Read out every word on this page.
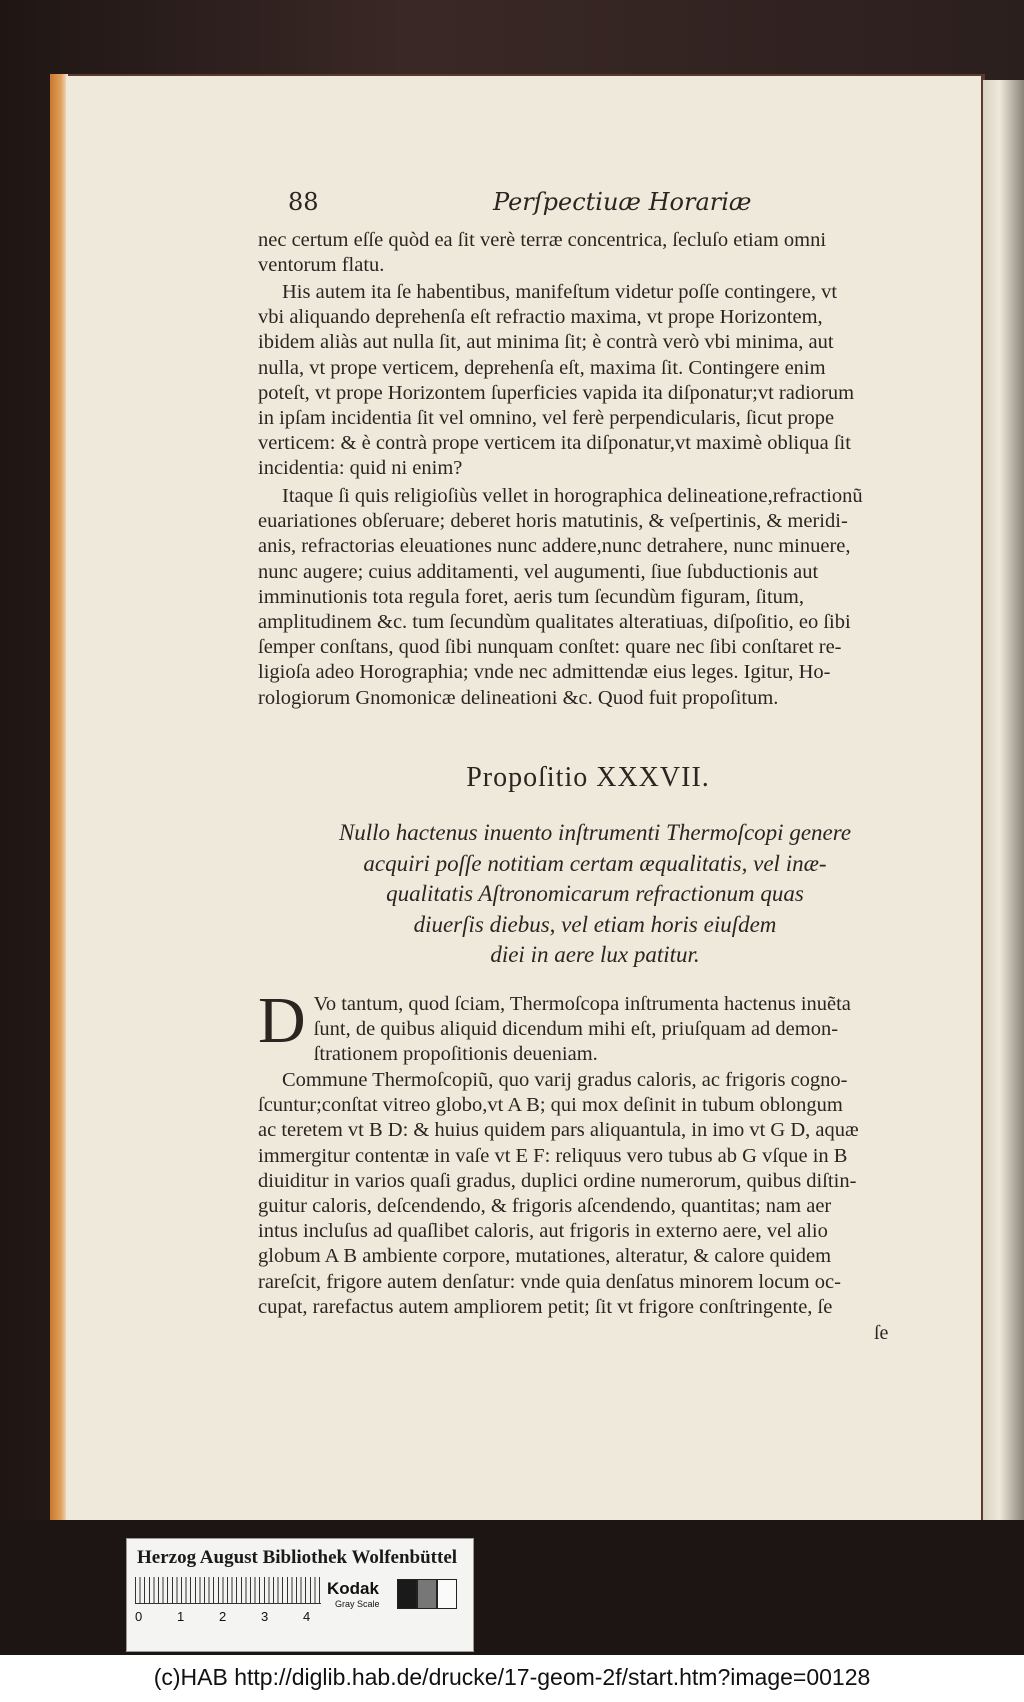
88	Perſpectiuæ Horariæ
nec certum eſſe quòd ea ſit verè terræ concentrica, ſecluſo etiam omni
ventorum flatu.
His autem ita ſe habentibus, manifeſtum videtur poſſe contingere, vt
vbi aliquando deprehenſa eſt refractio maxima, vt prope Horizontem,
ibidem aliàs aut nulla ſit, aut minima ſit; è contrà verò vbi minima, aut
nulla, vt prope verticem, deprehenſa eſt, maxima ſit. Contingere enim
poteſt, vt prope Horizontem ſuperficies vapida ita diſponatur;vt radiorum
in ipſam incidentia ſit vel omnino, vel ferè perpendicularis, ſicut prope
verticem: & è contrà prope verticem ita diſponatur,vt maximè obliqua ſit
incidentia: quid ni enim?
Itaque ſi quis religioſiùs vellet in horographica delineatione,refractionũ
euariationes obſeruare; deberet horis matutinis, & veſpertinis, & meridi-
anis, refractorias eleuationes nunc addere,nunc detrahere, nunc minuere,
nunc augere; cuius additamenti, vel augumenti, ſiue ſubductionis aut
imminutionis tota regula foret, aeris tum ſecundùm figuram, ſitum,
amplitudinem &c. tum ſecundùm qualitates alteratiuas, diſpoſitio, eo ſibi
ſemper conſtans, quod ſibi nunquam conſtet: quare nec ſibi conſtaret re-
ligioſa adeo Horographia; vnde nec admittendæ eius leges. Igitur, Ho-
rologiorum Gnomonicæ delineationi &c. Quod fuit propoſitum.
Propoſitio XXXVII.
Nullo hactenus inuento inſtrumenti Thermoſcopi genere
acquiri poſſe notitiam certam æqualitatis, vel inæ-
qualitatis Aſtronomicarum refractionum quas
diuerſis diebus, vel etiam horis eiuſdem
diei in aere lux patitur.
D Vo tantum, quod ſciam, Thermoſcopa inſtrumenta hactenus inuẽta
ſunt, de quibus aliquid dicendum mihi eſt, priuſquam ad demon-
ſtrationem propoſitionis deueniam.
Commune Thermoſcopiũ, quo varij gradus caloris, ac frigoris cogno-
ſcuntur;conſtat vitreo globo,vt A B; qui mox deſinit in tubum oblongum
ac teretem vt B D: & huius quidem pars aliquantula, in imo vt G D, aquæ
immergitur contentæ in vaſe vt E F: reliquus vero tubus ab G vſque in B
diuiditur in varios quaſi gradus, duplici ordine numerorum, quibus diſtin-
guitur caloris, deſcendendo, & frigoris aſcendendo, quantitas; nam aer
intus incluſus ad quaſlibet caloris, aut frigoris in externo aere, vel alio
globum A B ambiente corpore, mutationes, alteratur, & calore quidem
rareſcit, frigore autem denſatur: vnde quia denſatus minorem locum oc-
cupat, rarefactus autem ampliorem petit; ſit vt frigore conſtringente, ſe
ſe
Herzog August Bibliothek Wolfenbüttel
0	1	2	3	4
Kodak
Gray Scale
(c)HAB http://diglib.hab.de/drucke/17-geom-2f/start.htm?image=00128
